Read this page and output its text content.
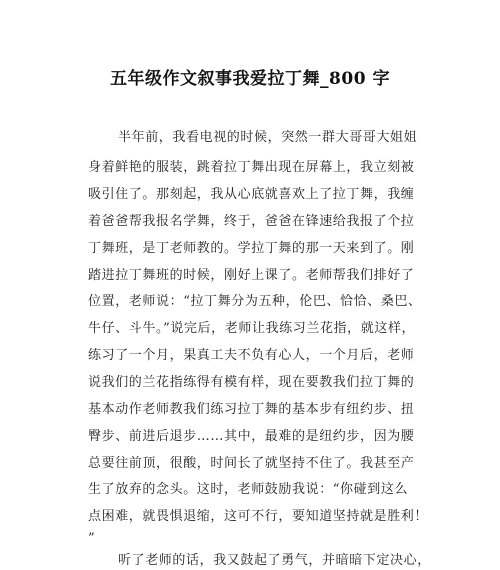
五年级作文叙事我爱拉丁舞_800 字
半年前，我看电视的时候，突然一群大哥哥大姐姐
身着鲜艳的服装，跳着拉丁舞出现在屏幕上，我立刻被
吸引住了。那刻起，我从心底就喜欢上了拉丁舞，我缠
着爸爸帮我报名学舞，终于，爸爸在锋速给我报了个拉
丁舞班，是丁老师教的。学拉丁舞的那一天来到了。刚
踏进拉丁舞班的时候，刚好上课了。老师帮我们排好了
位置，老师说：“拉丁舞分为五种，伦巴、恰恰、桑巴、
牛仔、斗牛。”说完后，老师让我练习兰花指，就这样，
练习了一个月，果真工夫不负有心人，一个月后，老师
说我们的兰花指练得有模有样，现在要教我们拉丁舞的
基本动作老师教我们练习拉丁舞的基本步有纽约步、扭
臀步、前进后退步……其中，最难的是纽约步，因为腰
总要往前顶，很酸，时间长了就坚持不住了。我甚至产
生了放弃的念头。这时，老师鼓励我说：“你碰到这么
点困难，就畏惧退缩，这可不行，要知道坚持就是胜利！
”
听了老师的话，我又鼓起了勇气，并暗暗下定决心，
